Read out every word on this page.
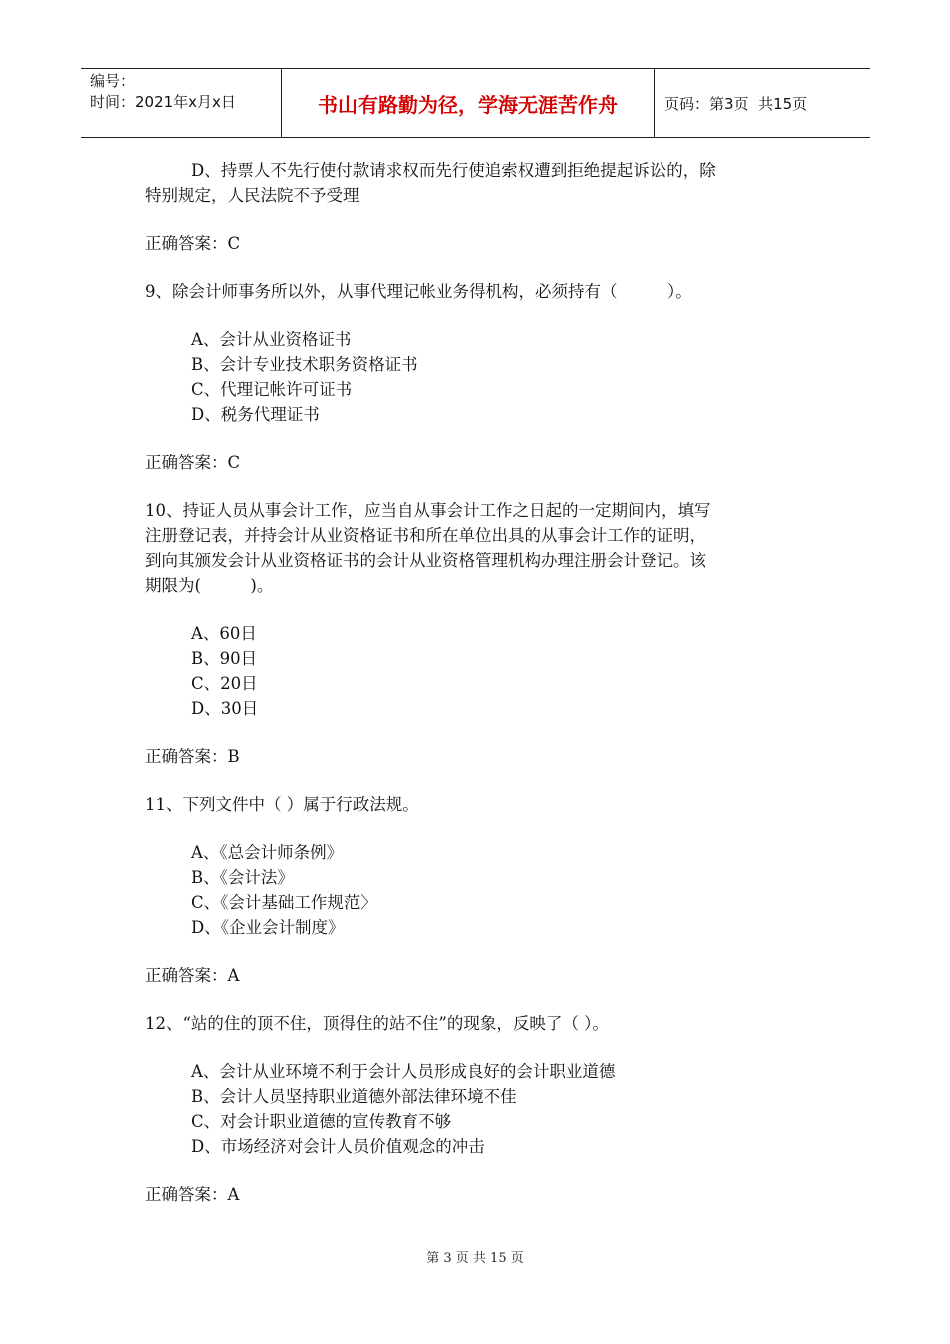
编号：
时间：2021年x月x日	书山有路勤为径，学海无涯苦作舟	页码：第3页  共15页

D、持票人不先行使付款请求权而先行使追索权遭到拒绝提起诉讼的，除

特别规定，人民法院不予受理

正确答案：C

9、除会计师事务所以外，从事代理记帐业务得机构，必须持有（　　　）。

A、会计从业资格证书

B、会计专业技术职务资格证书

C、代理记帐许可证书

D、税务代理证书

正确答案：C

10、持证人员从事会计工作，应当自从事会计工作之日起的一定期间内，填写

注册登记表，并持会计从业资格证书和所在单位出具的从事会计工作的证明，

到向其颁发会计从业资格证书的会计从业资格管理机构办理注册会计登记。该

期限为(　　　)。

A、60日

B、90日

C、20日

D、30日

正确答案：B

11、下列文件中（ ）属于行政法规。

A、《总会计师条例》

B、《会计法》

C、《会计基础工作规范〉

D、《企业会计制度》

正确答案：A

12、“站的住的顶不住，顶得住的站不住”的现象，反映了（ ）。

A、会计从业环境不利于会计人员形成良好的会计职业道德

B、会计人员坚持职业道德外部法律环境不佳

C、对会计职业道德的宣传教育不够

D、市场经济对会计人员价值观念的冲击

正确答案：A

第 3 页 共 15 页
